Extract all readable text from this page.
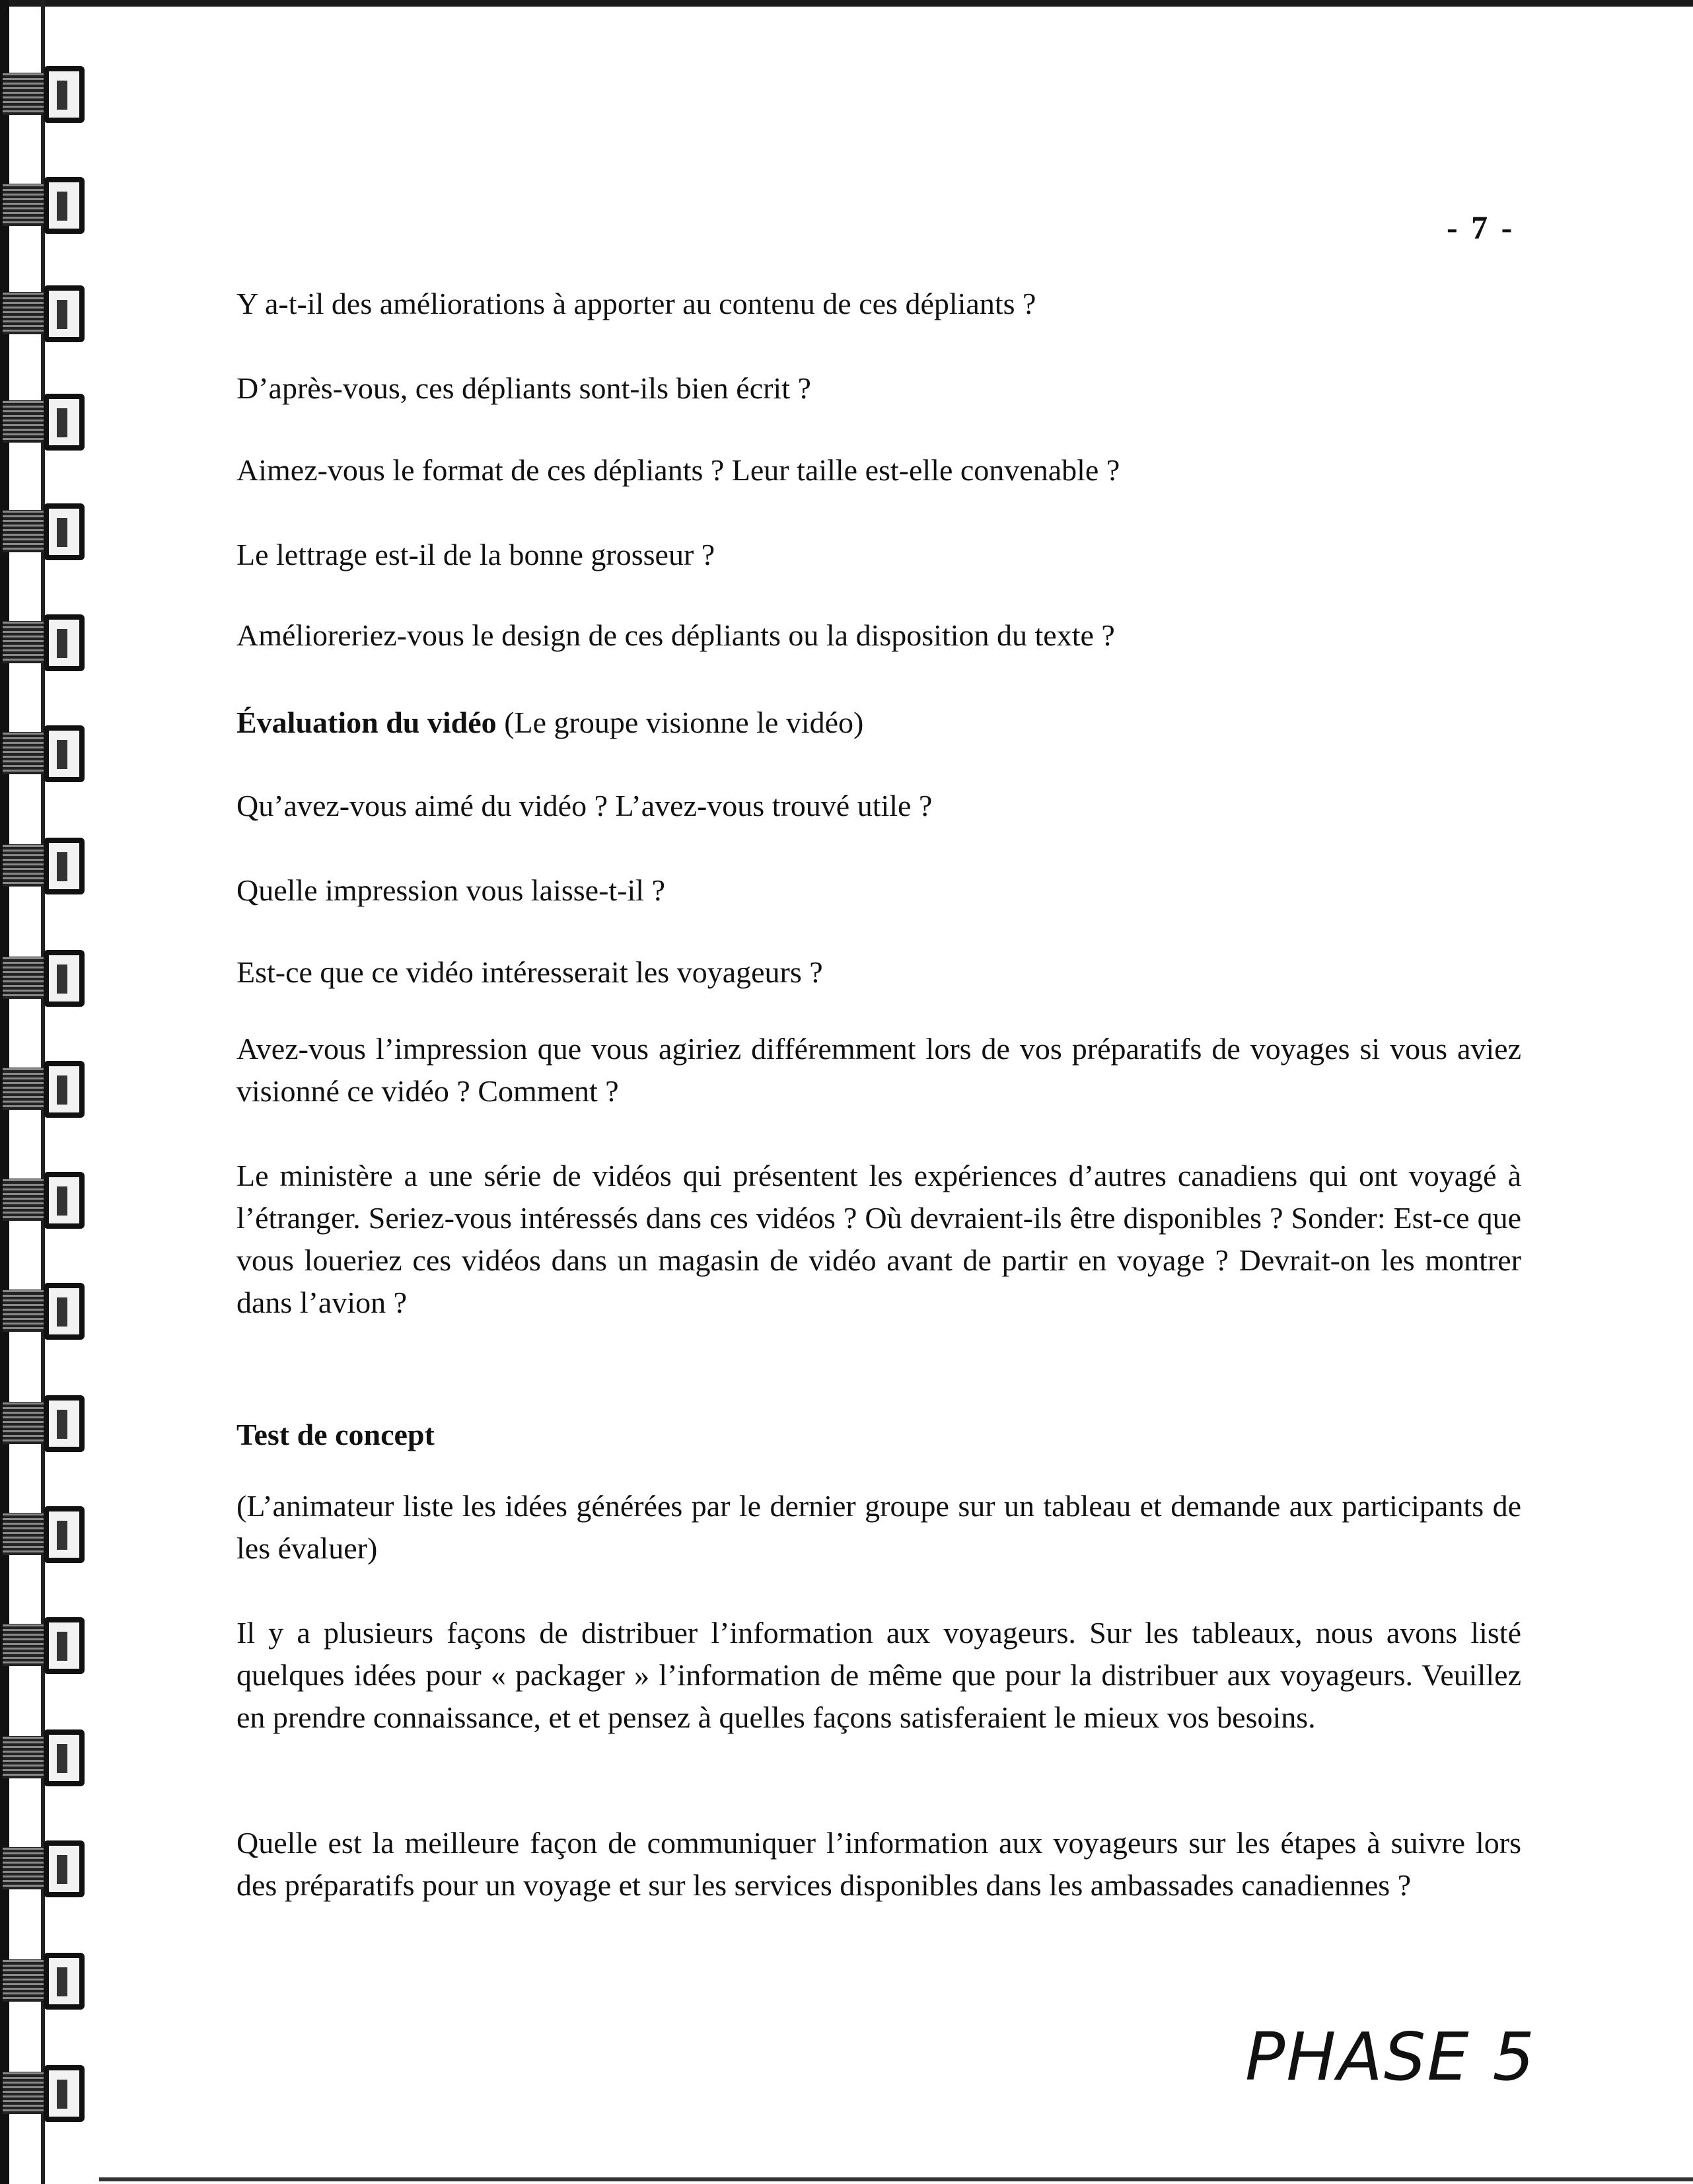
- 7 -

Y a-t-il des améliorations à apporter au contenu de ces dépliants ?

D’après-vous, ces dépliants sont-ils bien écrit ?

Aimez-vous le format de ces dépliants ? Leur taille est-elle convenable ?

Le lettrage est-il de la bonne grosseur ?

Amélioreriez-vous le design de ces dépliants ou la disposition du texte ?

Évaluation du vidéo (Le groupe visionne le vidéo)

Qu’avez-vous aimé du vidéo ? L’avez-vous trouvé utile ?

Quelle impression vous laisse-t-il ?

Est-ce que ce vidéo intéresserait les voyageurs ?

Avez-vous l’impression que vous agiriez différemment lors de vos préparatifs de voyages si vous aviez visionné ce vidéo ? Comment ?

Le ministère a une série de vidéos qui présentent les expériences d’autres canadiens qui ont voyagé à l’étranger. Seriez-vous intéressés dans ces vidéos ? Où devraient-ils être disponibles ? Sonder: Est-ce que vous loueriez ces vidéos dans un magasin de vidéo avant de partir en voyage ? Devrait-on les montrer dans l’avion ?

Test de concept

(L’animateur liste les idées générées par le dernier groupe sur un tableau et demande aux participants de les évaluer)

Il y a plusieurs façons de distribuer l’information aux voyageurs. Sur les tableaux, nous avons listé quelques idées pour « packager » l’information de même que pour la distribuer aux voyageurs. Veuillez en prendre connaissance, et et pensez à quelles façons satisferaient le mieux vos besoins.

Quelle est la meilleure façon de communiquer l’information aux voyageurs sur les étapes à suivre lors des préparatifs pour un voyage et sur les services disponibles dans les ambassades canadiennes ?

PHASE 5
